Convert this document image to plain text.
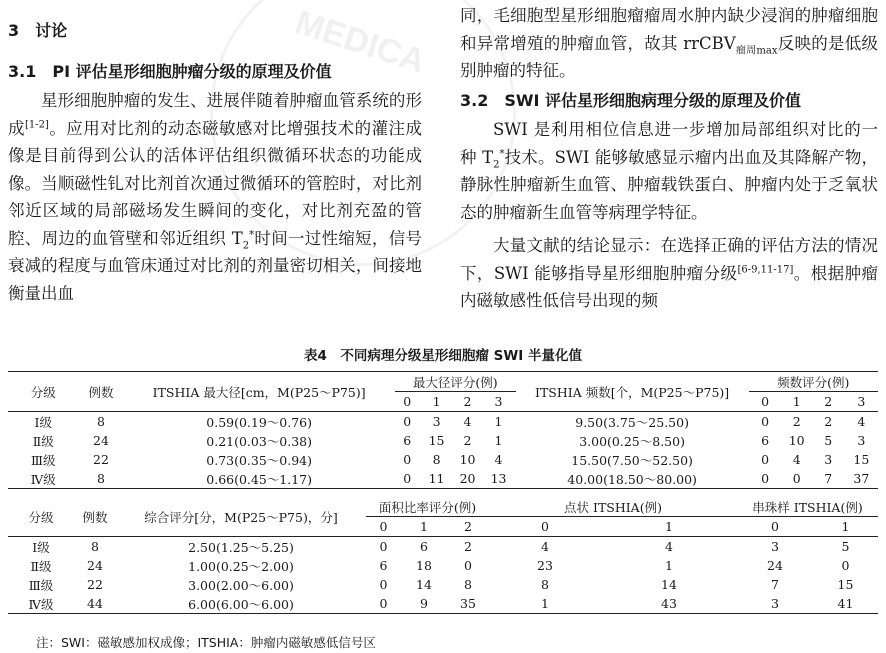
MEDICA
3　讨论
3.1　PI 评估星形细胞肿瘤分级的原理及价值
星形细胞肿瘤的发生、进展伴随着肿瘤血管系统的形成[1-2]。应用对比剂的动态磁敏感对比增强技术的灌注成像是目前得到公认的活体评估组织微循环状态的功能成像。当顺磁性钆对比剂首次通过微循环的管腔时，对比剂邻近区域的局部磁场发生瞬间的变化，对比剂充盈的管腔、周边的血管壁和邻近组织 $T_2^*$时间一过性缩短，信号衰减的程度与血管床通过对比剂的剂量密切相关，间接地衡量出血
同，毛细胞型星形细胞瘤瘤周水肿内缺少浸润的肿瘤细胞和异常增殖的肿瘤血管，故其 rrCBV$_{瘤周max}$反映的是低级别肿瘤的特征。
3.2　SWI 评估星形细胞病理分级的原理及价值
SWI 是利用相位信息进一步增加局部组织对比的一种 $T_2^*$技术。SWI 能够敏感显示瘤内出血及其降解产物，静脉性肿瘤新生血管、肿瘤载铁蛋白、肿瘤内处于乏氧状态的肿瘤新生血管等病理学特征。
大量文献的结论显示：在选择正确的评估方法的情况下，SWI 能够指导星形细胞肿瘤分级[6-9,11-17]。根据肿瘤内磁敏感性低信号出现的频
表4　不同病理分级星形细胞瘤 SWI 半量化值
分级	例数	ITSHIA 最大径[cm，M(P25～P75)]	最大径评分(例)				ITSHIA 频数[个，M(P25～P75)]	频数评分(例)			
			0	1	2	3		0	1	2	3
Ⅰ级	8	0.59(0.19～0.76)	0	3	4	1	9.50(3.75～25.50)	0	2	2	4
Ⅱ级	24	0.21(0.03～0.38)	6	15	2	1	3.00(0.25～8.50)	6	10	5	3
Ⅲ级	22	0.73(0.35～0.94)	0	8	10	4	15.50(7.50～52.50)	0	4	3	15
Ⅳ级	8	0.66(0.45～1.17)	0	11	20	13	40.00(18.50～80.00)	0	0	7	37
分级	例数	综合评分[分，M(P25～P75)，分]	面积比率评分(例)			点状 ITSHIA(例)		串珠样 ITSHIA(例)	
			0	1	2	0	1	0	1
Ⅰ级	8	2.50(1.25～5.25)	0	6	2	4	4	3	5
Ⅱ级	24	1.00(0.25～2.00)	6	18	0	23	1	24	0
Ⅲ级	22	3.00(2.00～6.00)	0	14	8	8	14	7	15
Ⅳ级	44	6.00(6.00～6.00)	0	9	35	1	43	3	41
注：SWI：磁敏感加权成像；ITSHIA：肿瘤内磁敏感低信号区
